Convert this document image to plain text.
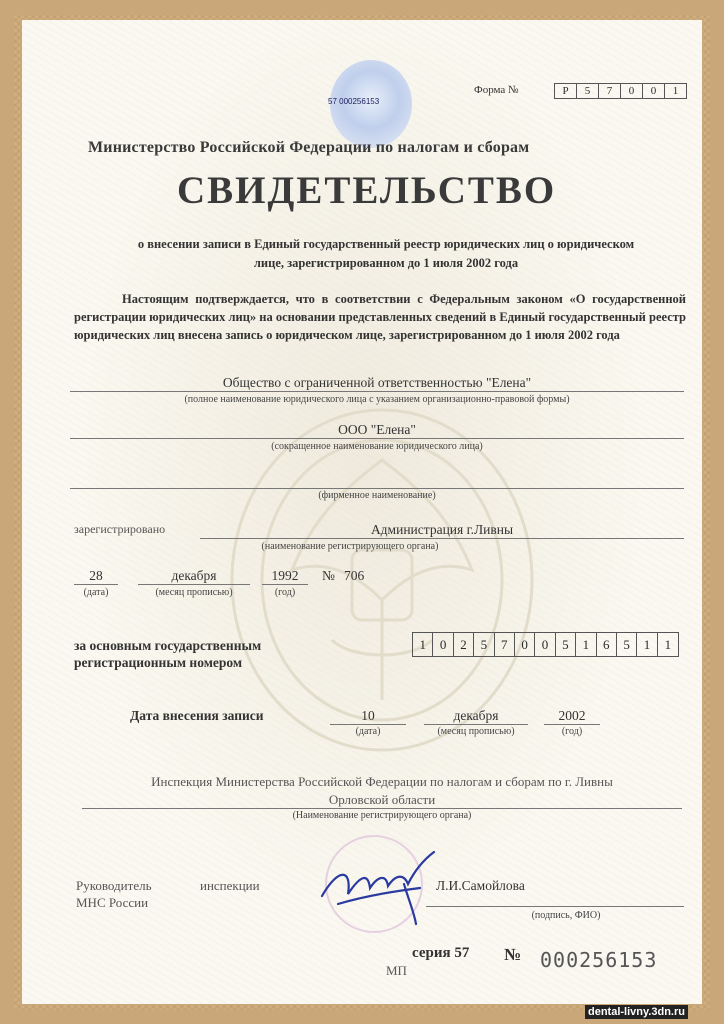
57 000256153
Форма №	Р	5	7	0	0	1
Министерство Российской Федерации по налогам и сборам
СВИДЕТЕЛЬСТВО
о внесении записи в Единый государственный реестр юридических лиц о юридическом
лице, зарегистрированном до 1 июля 2002 года
Настоящим подтверждается, что в соответствии с Федеральным законом «О государственной регистрации юридических лиц» на основании представленных сведений в Единый государственный реестр юридических лиц внесена запись о юридическом лице, зарегистрированном до 1 июля 2002 года
Общество с ограниченной ответственностью "Елена"
(полное наименование юридического лица с указанием организационно-правовой формы)
ООО "Елена"
(сокращенное наименование юридического лица)
(фирменное наименование)
зарегистрировано	Администрация г.Ливны
(наименование регистрирующего органа)
28	декабря	1992	№ 706
(дата)	(месяц прописью)	(год)
за основным государственным
регистрационным номером
1	0	2	5	7	0	0	5	1	6	5	1	1
Дата внесения записи	10	декабря	2002
(дата)	(месяц прописью)	(год)
Инспекция Министерства Российской Федерации по налогам и сборам по г. Ливны
Орловской области
(Наименование регистрирующего органа)
Руководитель	инспекции
МНС России
Л.И.Самойлова
(подпись, ФИО)
МП
серия 57 № 000256153
dental-livny.3dn.ru
